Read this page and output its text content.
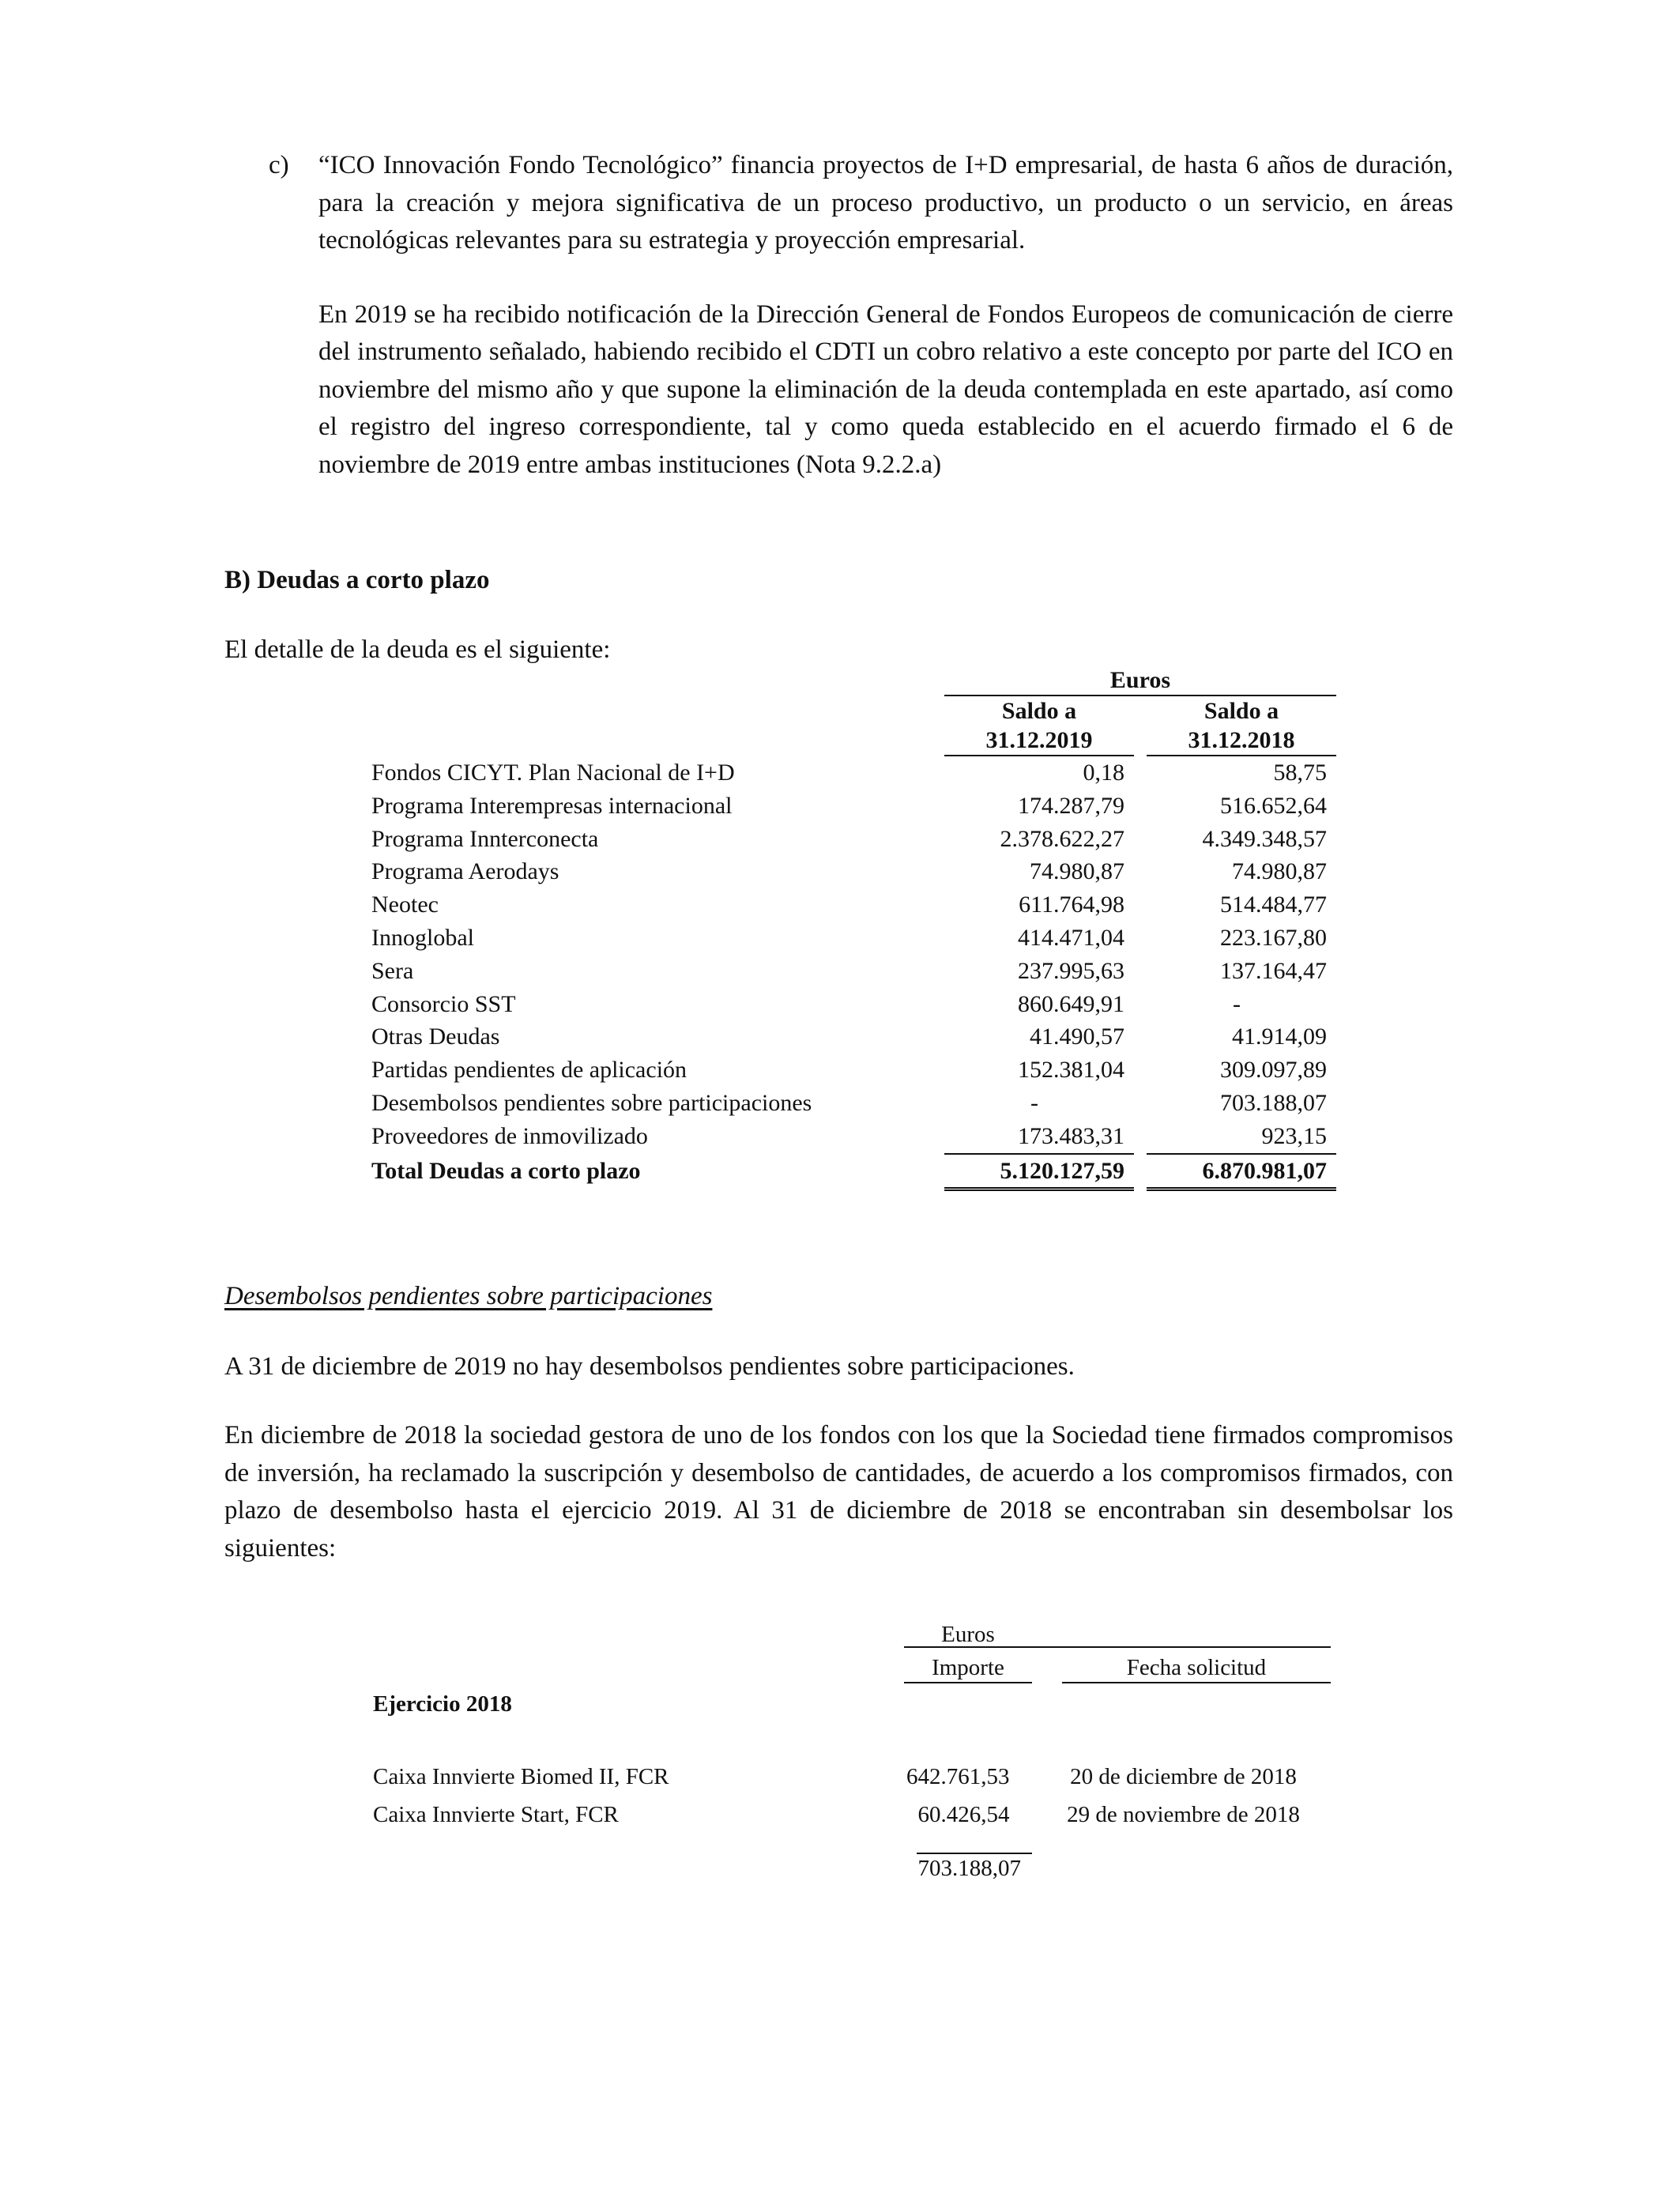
c) “ICO Innovación Fondo Tecnológico” financia proyectos de I+D empresarial, de hasta 6 años de duración, para la creación y mejora significativa de un proceso productivo, un producto o un servicio, en áreas tecnológicas relevantes para su estrategia y proyección empresarial.

En 2019 se ha recibido notificación de la Dirección General de Fondos Europeos de comunicación de cierre del instrumento señalado, habiendo recibido el CDTI un cobro relativo a este concepto por parte del ICO en noviembre del mismo año y que supone la eliminación de la deuda contemplada en este apartado, así como el registro del ingreso correspondiente, tal y como queda establecido en el acuerdo firmado el 6 de noviembre de 2019 entre ambas instituciones (Nota 9.2.2.a)

B) Deudas a corto plazo
El detalle de la deuda es el siguiente:
	Euros		
	Saldo a		Saldo a
	31.12.2019		31.12.2018
Fondos CICYT. Plan Nacional de I+D	0,18		58,75
Programa Interempresas internacional	174.287,79		516.652,64
Programa Innterconecta	2.378.622,27		4.349.348,57
Programa Aerodays	74.980,87		74.980,87
Neotec	611.764,98		514.484,77
Innoglobal	414.471,04		223.167,80
Sera	237.995,63		137.164,47
Consorcio SST	860.649,91		-
Otras Deudas	41.490,57		41.914,09
Partidas pendientes de aplicación	152.381,04		309.097,89
Desembolsos pendientes sobre participaciones	-		703.188,07
Proveedores de inmovilizado	173.483,31		923,15
Total Deudas a corto plazo	5.120.127,59		6.870.981,07
Desembolsos pendientes sobre participaciones
A 31 de diciembre de 2019 no hay desembolsos pendientes sobre participaciones.

En diciembre de 2018 la sociedad gestora de uno de los fondos con los que la Sociedad tiene firmados compromisos de inversión, ha reclamado la suscripción y desembolso de cantidades, de acuerdo a los compromisos firmados, con plazo de desembolso hasta el ejercicio 2019. Al 31 de diciembre de 2018 se encontraban sin desembolsar los siguientes:

Euros
Importe	Fecha solicitud
Ejercicio 2018
Caixa Innvierte Biomed II, FCR	642.761,53		20 de diciembre de 2018
Caixa Innvierte Start, FCR	60.426,54		29 de noviembre de 2018
703.188,07
